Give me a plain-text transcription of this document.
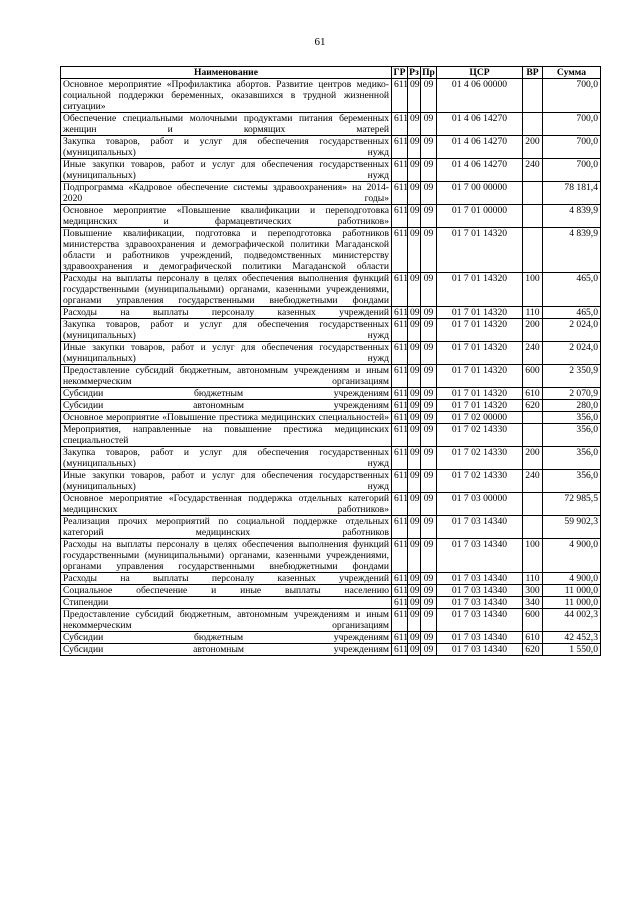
61
Наименование	ГР	Рз	Пр	ЦСР	ВР	Сумма
Основное мероприятие «Профилактика абортов. Развитие центров медико-социальной поддержки беременных, оказавшихся в трудной жизненной ситуации»	611	09	09	01 4 06 00000		700,0
Обеспечение специальными молочными продуктами питания беременных женщин и кормящих матерей	611	09	09	01 4 06 14270		700,0
Закупка товаров, работ и услуг для обеспечения государственных (муниципальных) нужд	611	09	09	01 4 06 14270	200	700,0
Иные закупки товаров, работ и услуг для обеспечения государственных (муниципальных) нужд	611	09	09	01 4 06 14270	240	700,0
Подпрограмма «Кадровое обеспечение системы здравоохранения» на 2014-2020 годы»	611	09	09	01 7 00 00000		78 181,4
Основное мероприятие «Повышение квалификации и переподготовка медицинских и фармацевтических работников»	611	09	09	01 7 01 00000		4 839,9
Повышение квалификации, подготовка и переподготовка работников министерства здравоохранения и демографической политики Магаданской области и работников учреждений, подведомственных министерству здравоохранения и демографической политики Магаданской области	611	09	09	01 7 01 14320		4 839,9
Расходы на выплаты персоналу в целях обеспечения выполнения функций государственными (муниципальными) органами, казенными учреждениями, органами управления государственными внебюджетными фондами	611	09	09	01 7 01 14320	100	465,0
Расходы на выплаты персоналу казенных учреждений	611	09	09	01 7 01 14320	110	465,0
Закупка товаров, работ и услуг для обеспечения государственных (муниципальных) нужд	611	09	09	01 7 01 14320	200	2 024,0
Иные закупки товаров, работ и услуг для обеспечения государственных (муниципальных) нужд	611	09	09	01 7 01 14320	240	2 024,0
Предоставление субсидий бюджетным, автономным учреждениям и иным некоммерческим организациям	611	09	09	01 7 01 14320	600	2 350,9
Субсидии бюджетным учреждениям	611	09	09	01 7 01 14320	610	2 070,9
Субсидии автономным учреждениям	611	09	09	01 7 01 14320	620	280,0
Основное мероприятие «Повышение престижа медицинских специальностей»	611	09	09	01 7 02 00000		356,0
Мероприятия, направленные на повышение престижа медицинских специальностей	611	09	09	01 7 02 14330		356,0
Закупка товаров, работ и услуг для обеспечения государственных (муниципальных) нужд	611	09	09	01 7 02 14330	200	356,0
Иные закупки товаров, работ и услуг для обеспечения государственных (муниципальных) нужд	611	09	09	01 7 02 14330	240	356,0
Основное мероприятие «Государственная поддержка отдельных категорий медицинских работников»	611	09	09	01 7 03 00000		72 985,5
Реализация прочих мероприятий по социальной поддержке отдельных категорий медицинских работников	611	09	09	01 7 03 14340		59 902,3
Расходы на выплаты персоналу в целях обеспечения выполнения функций государственными (муниципальными) органами, казенными учреждениями, органами управления государственными внебюджетными фондами	611	09	09	01 7 03 14340	100	4 900,0
Расходы на выплаты персоналу казенных учреждений	611	09	09	01 7 03 14340	110	4 900,0
Социальное обеспечение и иные выплаты населению	611	09	09	01 7 03 14340	300	11 000,0
Стипендии	611	09	09	01 7 03 14340	340	11 000,0
Предоставление субсидий бюджетным, автономным учреждениям и иным некоммерческим организациям	611	09	09	01 7 03 14340	600	44 002,3
Субсидии бюджетным учреждениям	611	09	09	01 7 03 14340	610	42 452,3
Субсидии автономным учреждениям	611	09	09	01 7 03 14340	620	1 550,0
